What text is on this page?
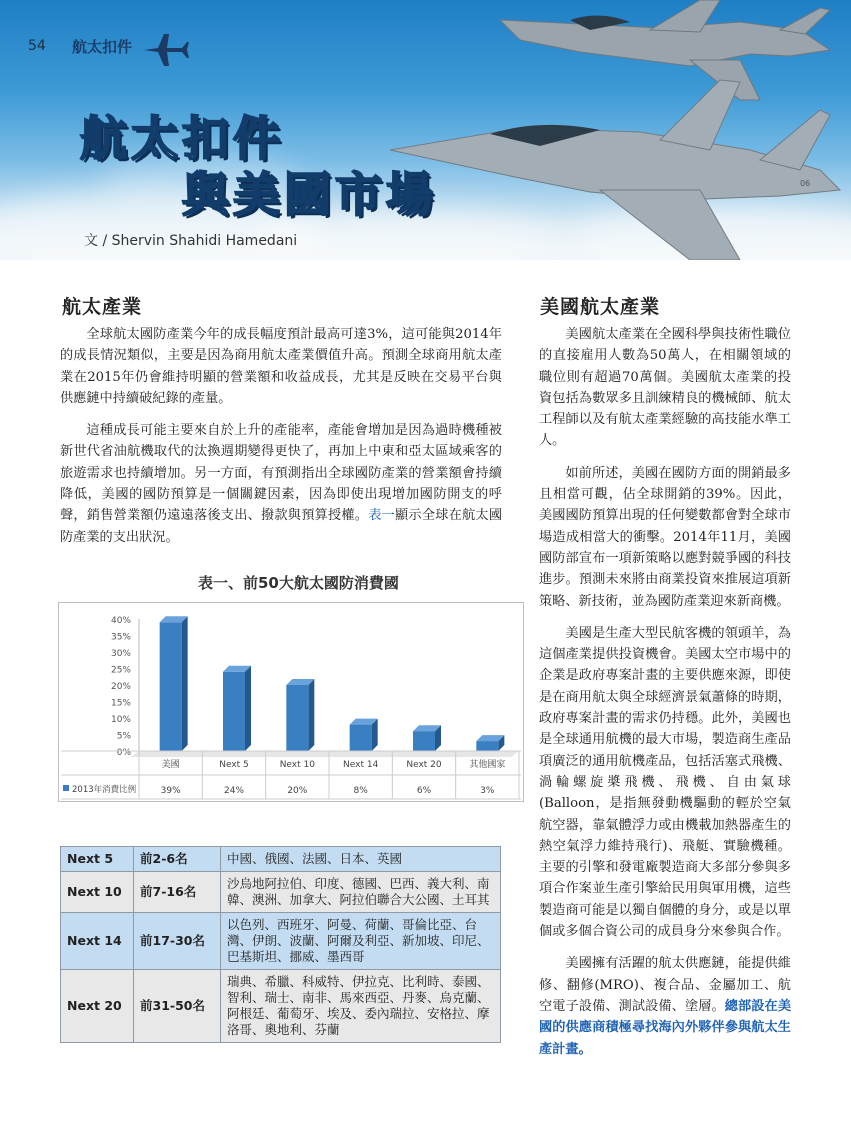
54 航太扣件
06
航太扣件
與美國市場
文 / Shervin Shahidi Hamedani
航太產業

全球航太國防產業今年的成長幅度預計最高可達3%，這可能與2014年的成長情況類似，主要是因為商用航太產業價值升高。預測全球商用航太產業在2015年仍會維持明顯的營業額和收益成長，尤其是反映在交易平台與供應鏈中持續破紀錄的產量。

這種成長可能主要來自於上升的產能率，產能會增加是因為過時機種被新世代省油航機取代的汰換週期變得更快了，再加上中東和亞太區域乘客的旅遊需求也持續增加。另一方面，有預測指出全球國防產業的營業額會持續降低，美國的國防預算是一個關鍵因素，因為即使出現增加國防開支的呼聲，銷售營業額仍遠遠落後支出、撥款與預算授權。表一顯示全球在航太國防產業的支出狀況。

表一、前50大航太國防消費國
0%
5%
10%
15%
20%
25%
30%
35%
40%
美國
39%
Next 5
24%
Next 10
20%
Next 14
8%
Next 20
6%
其他國家
3%
2013年消費比例
Next 5	前2-6名	中國、俄國、法國、日本、英國
Next 10	前7-16名	沙烏地阿拉伯、印度、德國、巴西、義大利、南韓、澳洲、加拿大、阿拉伯聯合大公國、土耳其
Next 14	前17-30名	以色列、西班牙、阿曼、荷蘭、哥倫比亞、台灣、伊朗、波蘭、阿爾及利亞、新加坡、印尼、巴基斯坦、挪威、墨西哥
Next 20	前31-50名	瑞典、希臘、科威特、伊拉克、比利時、泰國、智利、瑞士、南非、馬來西亞、丹麥、烏克蘭、阿根廷、葡萄牙、埃及、委內瑞拉、安格拉、摩洛哥、奧地利、芬蘭
美國航太產業

美國航太產業在全國科學與技術性職位的直接雇用人數為50萬人，在相關領域的職位則有超過70萬個。美國航太產業的投資包括為數眾多且訓練精良的機械師、航太工程師以及有航太產業經驗的高技能水準工人。

如前所述，美國在國防方面的開銷最多且相當可觀，佔全球開銷的39%。因此，美國國防預算出現的任何變數都會對全球市場造成相當大的衝擊。2014年11月，美國國防部宣布一項新策略以應對競爭國的科技進步。預測未來將由商業投資來推展這項新策略、新技術，並為國防產業迎來新商機。

美國是生產大型民航客機的領頭羊，為這個產業提供投資機會。美國太空市場中的企業是政府專案計畫的主要供應來源，即使是在商用航太與全球經濟景氣蕭條的時期，政府專案計畫的需求仍持穩。此外，美國也是全球通用航機的最大市場，製造商生產品項廣泛的通用航機產品，包括活塞式飛機、渦輪螺旋槳飛機、飛機、自由氣球(Balloon，是指無發動機驅動的輕於空氣航空器，靠氣體浮力或由機載加熱器產生的熱空氣浮力維持飛行)、飛艇、實驗機種。主要的引擎和發電廠製造商大多部分參與多項合作案並生產引擎給民用與軍用機，這些製造商可能是以獨自個體的身分，或是以單個或多個合資公司的成員身分來參與合作。

美國擁有活躍的航太供應鏈，能提供維修、翻修(MRO)、複合品、金屬加工、航空電子設備、測試設備、塗層。總部設在美國的供應商積極尋找海內外夥伴參與航太生產計畫。
